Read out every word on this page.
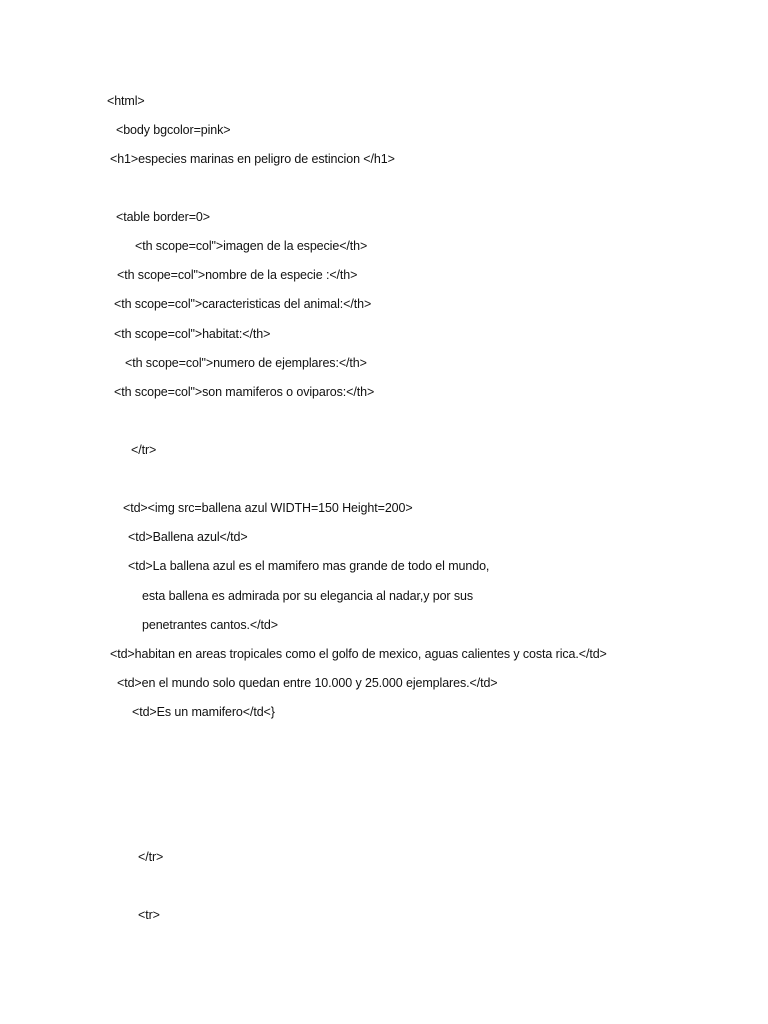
<html>
<body bgcolor=pink>
<h1>especies marinas en peligro de estincion </h1>
<table border=0>
<th scope=col">imagen de la especie</th>
<th scope=col">nombre de la especie :</th>
<th scope=col">caracteristicas del animal:</th>
<th scope=col">habitat:</th>
<th scope=col">numero de ejemplares:</th>
<th scope=col">son mamiferos o oviparos:</th>
</tr>
<td><img src=ballena azul WIDTH=150 Height=200>
<td>Ballena azul</td>
<td>La ballena azul es el mamifero mas grande de todo el mundo,
esta ballena es admirada por su elegancia al nadar,y por sus
penetrantes cantos.</td>
<td>habitan en areas tropicales como el golfo de mexico, aguas calientes y costa rica.</td>
<td>en el mundo solo quedan entre 10.000 y 25.000 ejemplares.</td>
<td>Es un mamifero</td<}
</tr>
<tr>
